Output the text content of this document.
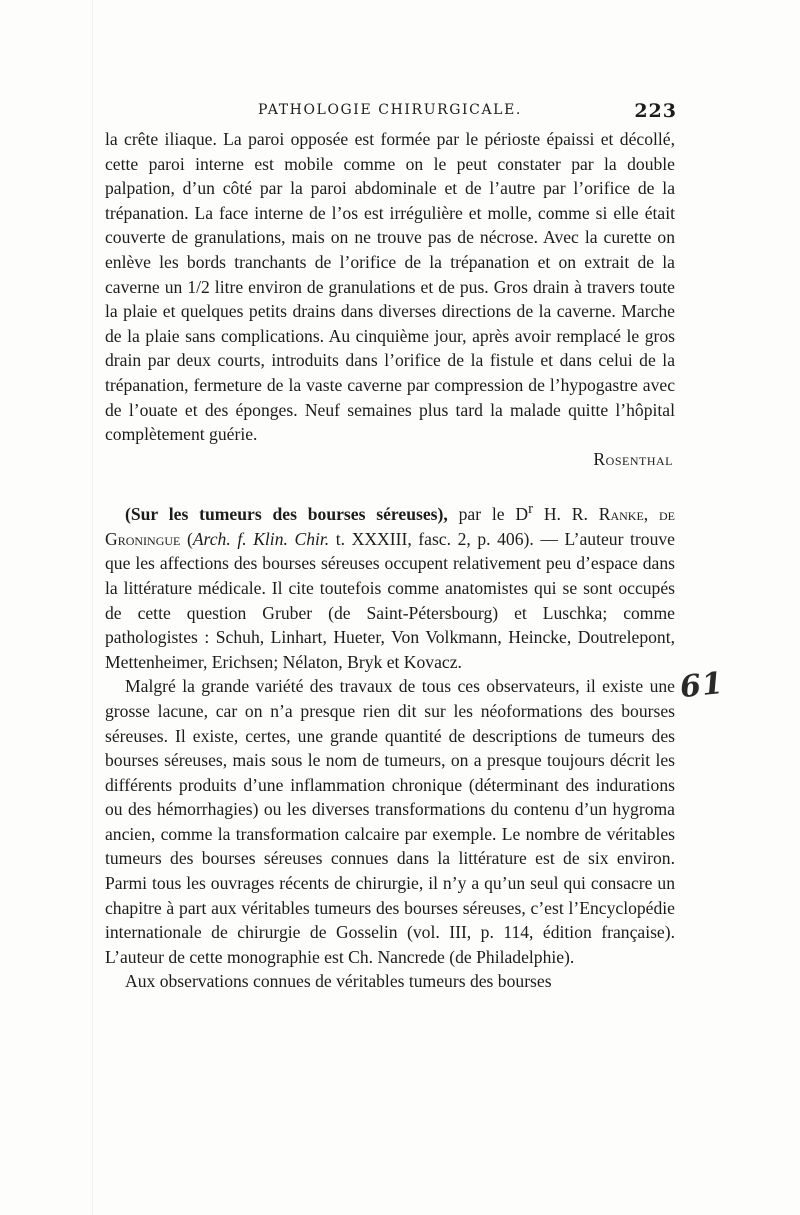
PATHOLOGIE CHIRURGICALE.	223

la crête iliaque. La paroi opposée est formée par le périoste épaissi et décollé, cette paroi interne est mobile comme on le peut constater par la double palpation, d’un côté par la paroi abdominale et de l’autre par l’orifice de la trépanation. La face interne de l’os est irrégulière et molle, comme si elle était couverte de granulations, mais on ne trouve pas de nécrose. Avec la curette on enlève les bords tranchants de l’orifice de la trépanation et on extrait de la caverne un 1/2 litre environ de granulations et de pus. Gros drain à travers toute la plaie et quelques petits drains dans diverses directions de la caverne. Marche de la plaie sans complications. Au cinquième jour, après avoir remplacé le gros drain par deux courts, introduits dans l’orifice de la fistule et dans celui de la trépanation, fermeture de la vaste caverne par compression de l’hypogastre avec de l’ouate et des éponges. Neuf semaines plus tard la malade quitte l’hôpital complètement guérie.

Rosenthal

(Sur les tumeurs des bourses séreuses), par le $D^r$ H. R. Ranke, de Groningue (Arch. f. Klin. Chir. t. XXXIII, fasc. 2, p. 406). — L’auteur trouve que les affections des bourses séreuses occupent relativement peu d’espace dans la littérature médicale. Il cite toutefois comme anatomistes qui se sont occupés de cette question Gruber (de Saint-Pétersbourg) et Luschka; comme pathologistes : Schuh, Linhart, Hueter, Von Volkmann, Heincke, Doutrelepont, Mettenheimer, Erichsen; Nélaton, Bryk et Kovacz.

Malgré la grande variété des travaux de tous ces observateurs, il existe une grosse lacune, car on n’a presque rien dit sur les néoformations des bourses séreuses. Il existe, certes, une grande quantité de descriptions de tumeurs des bourses séreuses, mais sous le nom de tumeurs, on a presque toujours décrit les différents produits d’une inflammation chronique (déterminant des indurations ou des hémorrhagies) ou les diverses transformations du contenu d’un hygroma ancien, comme la transformation calcaire par exemple. Le nombre de véritables tumeurs des bourses séreuses connues dans la littérature est de six environ. Parmi tous les ouvrages récents de chirurgie, il n’y a qu’un seul qui consacre un chapitre à part aux véritables tumeurs des bourses séreuses, c’est l’Encyclopédie internationale de chirurgie de Gosselin (vol. III, p. 114, édition française). L’auteur de cette monographie est Ch. Nancrede (de Philadelphie).

Aux observations connues de véritables tumeurs des bourses

61
